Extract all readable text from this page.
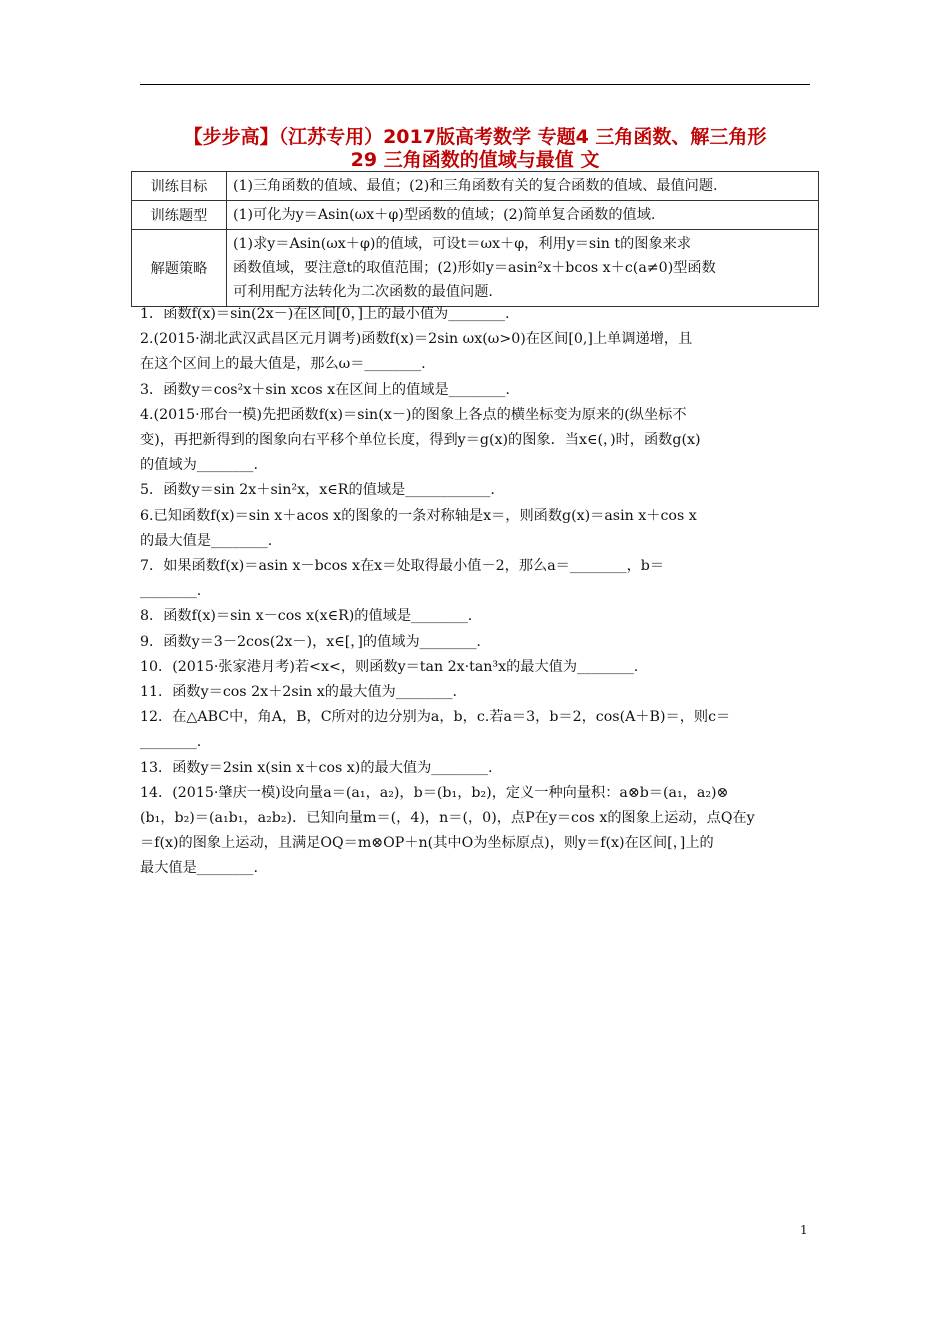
【步步高】（江苏专用）2017版高考数学 专题4 三角函数、解三角形
29 三角函数的值域与最值 文
训练目标	(1)三角函数的值域、最值；(2)和三角函数有关的复合函数的值域、最值问题.
训练题型	(1)可化为y＝Asin(ωx＋φ)型函数的值域；(2)简单复合函数的值域.
解题策略	(1)求y＝Asin(ωx＋φ)的值域，可设t＝ωx＋φ，利用y＝sin t的图象来求
函数值域，要注意t的取值范围；(2)形如y＝asin²x＋bcos x＋c(a≠0)型函数
可利用配方法转化为二次函数的最值问题.
1．函数f(x)＝sin(2x－)在区间[0，]上的最小值为________.
2.(2015·湖北武汉武昌区元月调考)函数f(x)＝2sin ωx(ω>0)在区间[0,]上单调递增，且
在这个区间上的最大值是，那么ω＝________.
3．函数y＝cos²x＋sin xcos x在区间上的值域是________.
4.(2015·邢台一模)先把函数f(x)＝sin(x－)的图象上各点的横坐标变为原来的(纵坐标不
变)，再把新得到的图象向右平移个单位长度，得到y＝g(x)的图象．当x∈(，)时，函数g(x)
的值域为________.
5．函数y＝sin 2x＋sin²x，x∈R的值域是____________.
6.已知函数f(x)＝sin x＋acos x的图象的一条对称轴是x＝，则函数g(x)＝asin x＋cos x
的最大值是________.
7．如果函数f(x)＝asin x－bcos x在x＝处取得最小值－2，那么a＝________，b＝
________.
8．函数f(x)＝sin x－cos x(x∈R)的值域是________.
9．函数y＝3－2cos(2x－)，x∈[，]的值域为________.
10．(2015·张家港月考)若<x<，则函数y＝tan 2x·tan³x的最大值为________.
11．函数y＝cos 2x＋2sin x的最大值为________.
12．在△ABC中，角A，B，C所对的边分别为a，b，c.若a＝3，b＝2，cos(A＋B)＝，则c＝
________.
13．函数y＝2sin x(sin x＋cos x)的最大值为________.
14．(2015·肇庆一模)设向量a＝(a₁，a₂)，b＝(b₁，b₂)，定义一种向量积：a⊗b＝(a₁，a₂)⊗
(b₁，b₂)＝(a₁b₁，a₂b₂)．已知向量m＝(，4)，n＝(，0)，点P在y＝cos x的图象上运动，点Q在y
＝f(x)的图象上运动，且满足OQ＝m⊗OP＋n(其中O为坐标原点)，则y＝f(x)在区间[，]上的
最大值是________.
1
